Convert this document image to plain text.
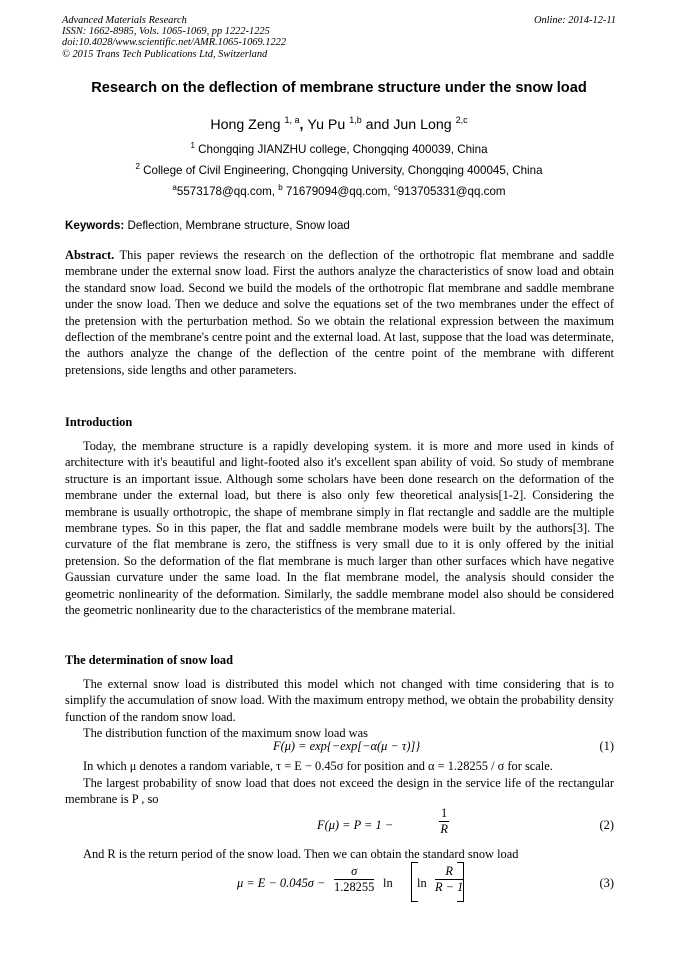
Advanced Materials Research
ISSN: 1662-8985, Vols. 1065-1069, pp 1222-1225
doi:10.4028/www.scientific.net/AMR.1065-1069.1222
© 2015 Trans Tech Publications Ltd, Switzerland
Online: 2014-12-11
Research on the deflection of membrane structure under the snow load
Hong Zeng $^{1, a}$, Yu Pu $^{1,b}$ and Jun Long $^{2,c}$
$^1$ Chongqing JIANZHU college, Chongqing 400039, China
$^2$ College of Civil Engineering, Chongqing University, Chongqing 400045, China
$^a$5573178@qq.com, $^b$ 71679094@qq.com, $^c$913705331@qq.com
Keywords: Deflection, Membrane structure, Snow load

Abstract. This paper reviews the research on the deflection of the orthotropic flat membrane and saddle membrane under the external snow load. First the authors analyze the characteristics of snow load and obtain the standard snow load. Second we build the models of the orthotropic flat membrane and saddle membrane under the snow load. Then we deduce and solve the equations set of the two membranes under the effect of the pretension with the perturbation method. So we obtain the relational expression between the maximum deflection of the membrane's centre point and the external load. At last, suppose that the load was determinate, the authors analyze the change of the deflection of the centre point of the membrane with different pretensions, side lengths and other parameters.

Introduction

Today, the membrane structure is a rapidly developing system. it is more and more used in kinds of architecture with it's beautiful and light-footed also it's excellent span ability of void. So study of membrane structure is an important issue. Although some scholars have been done research on the deformation of the membrane under the external load, but there is also only few theoretical analysis[1-2]. Considering the membrane is usually orthotropic, the shape of membrane simply in flat rectangle and saddle are the multiple membrane types. So in this paper, the flat and saddle membrane models were built by the authors[3]. The curvature of the flat membrane is zero, the stiffness is very small due to it is only offered by the initial pretension. So the deformation of the flat membrane is much larger than other surfaces which have negative Gaussian curvature under the same load. In the flat membrane model, the analysis should consider the geometric nonlinearity of the deformation. Similarly, the saddle membrane model also should be considered the geometric nonlinearity due to the characteristics of the membrane material.

The determination of snow load

The external snow load is distributed this model which not changed with time considering that is to simplify the accumulation of snow load. With the maximum entropy method, we obtain the probability density function of the random snow load.

The distribution function of the maximum snow load was

F(μ) = exp{−exp[−α(μ − τ)]}	(1)
In which μ denotes a random variable, τ = E − 0.45σ for position and α = 1.28255 / σ for scale.
The largest probability of snow load that does not exceed the design in the service life of the rectangular membrane is P , so
F(μ) = P = 1 −	$\frac{1}{R}$	(2)
And R is the return period of the snow load. Then we can obtain the standard snow load
$\mu = E - 0.045\sigma - \frac{\sigma}{1.28255}$ $\ln \ln \frac{R}{R - 1}$	(3)
